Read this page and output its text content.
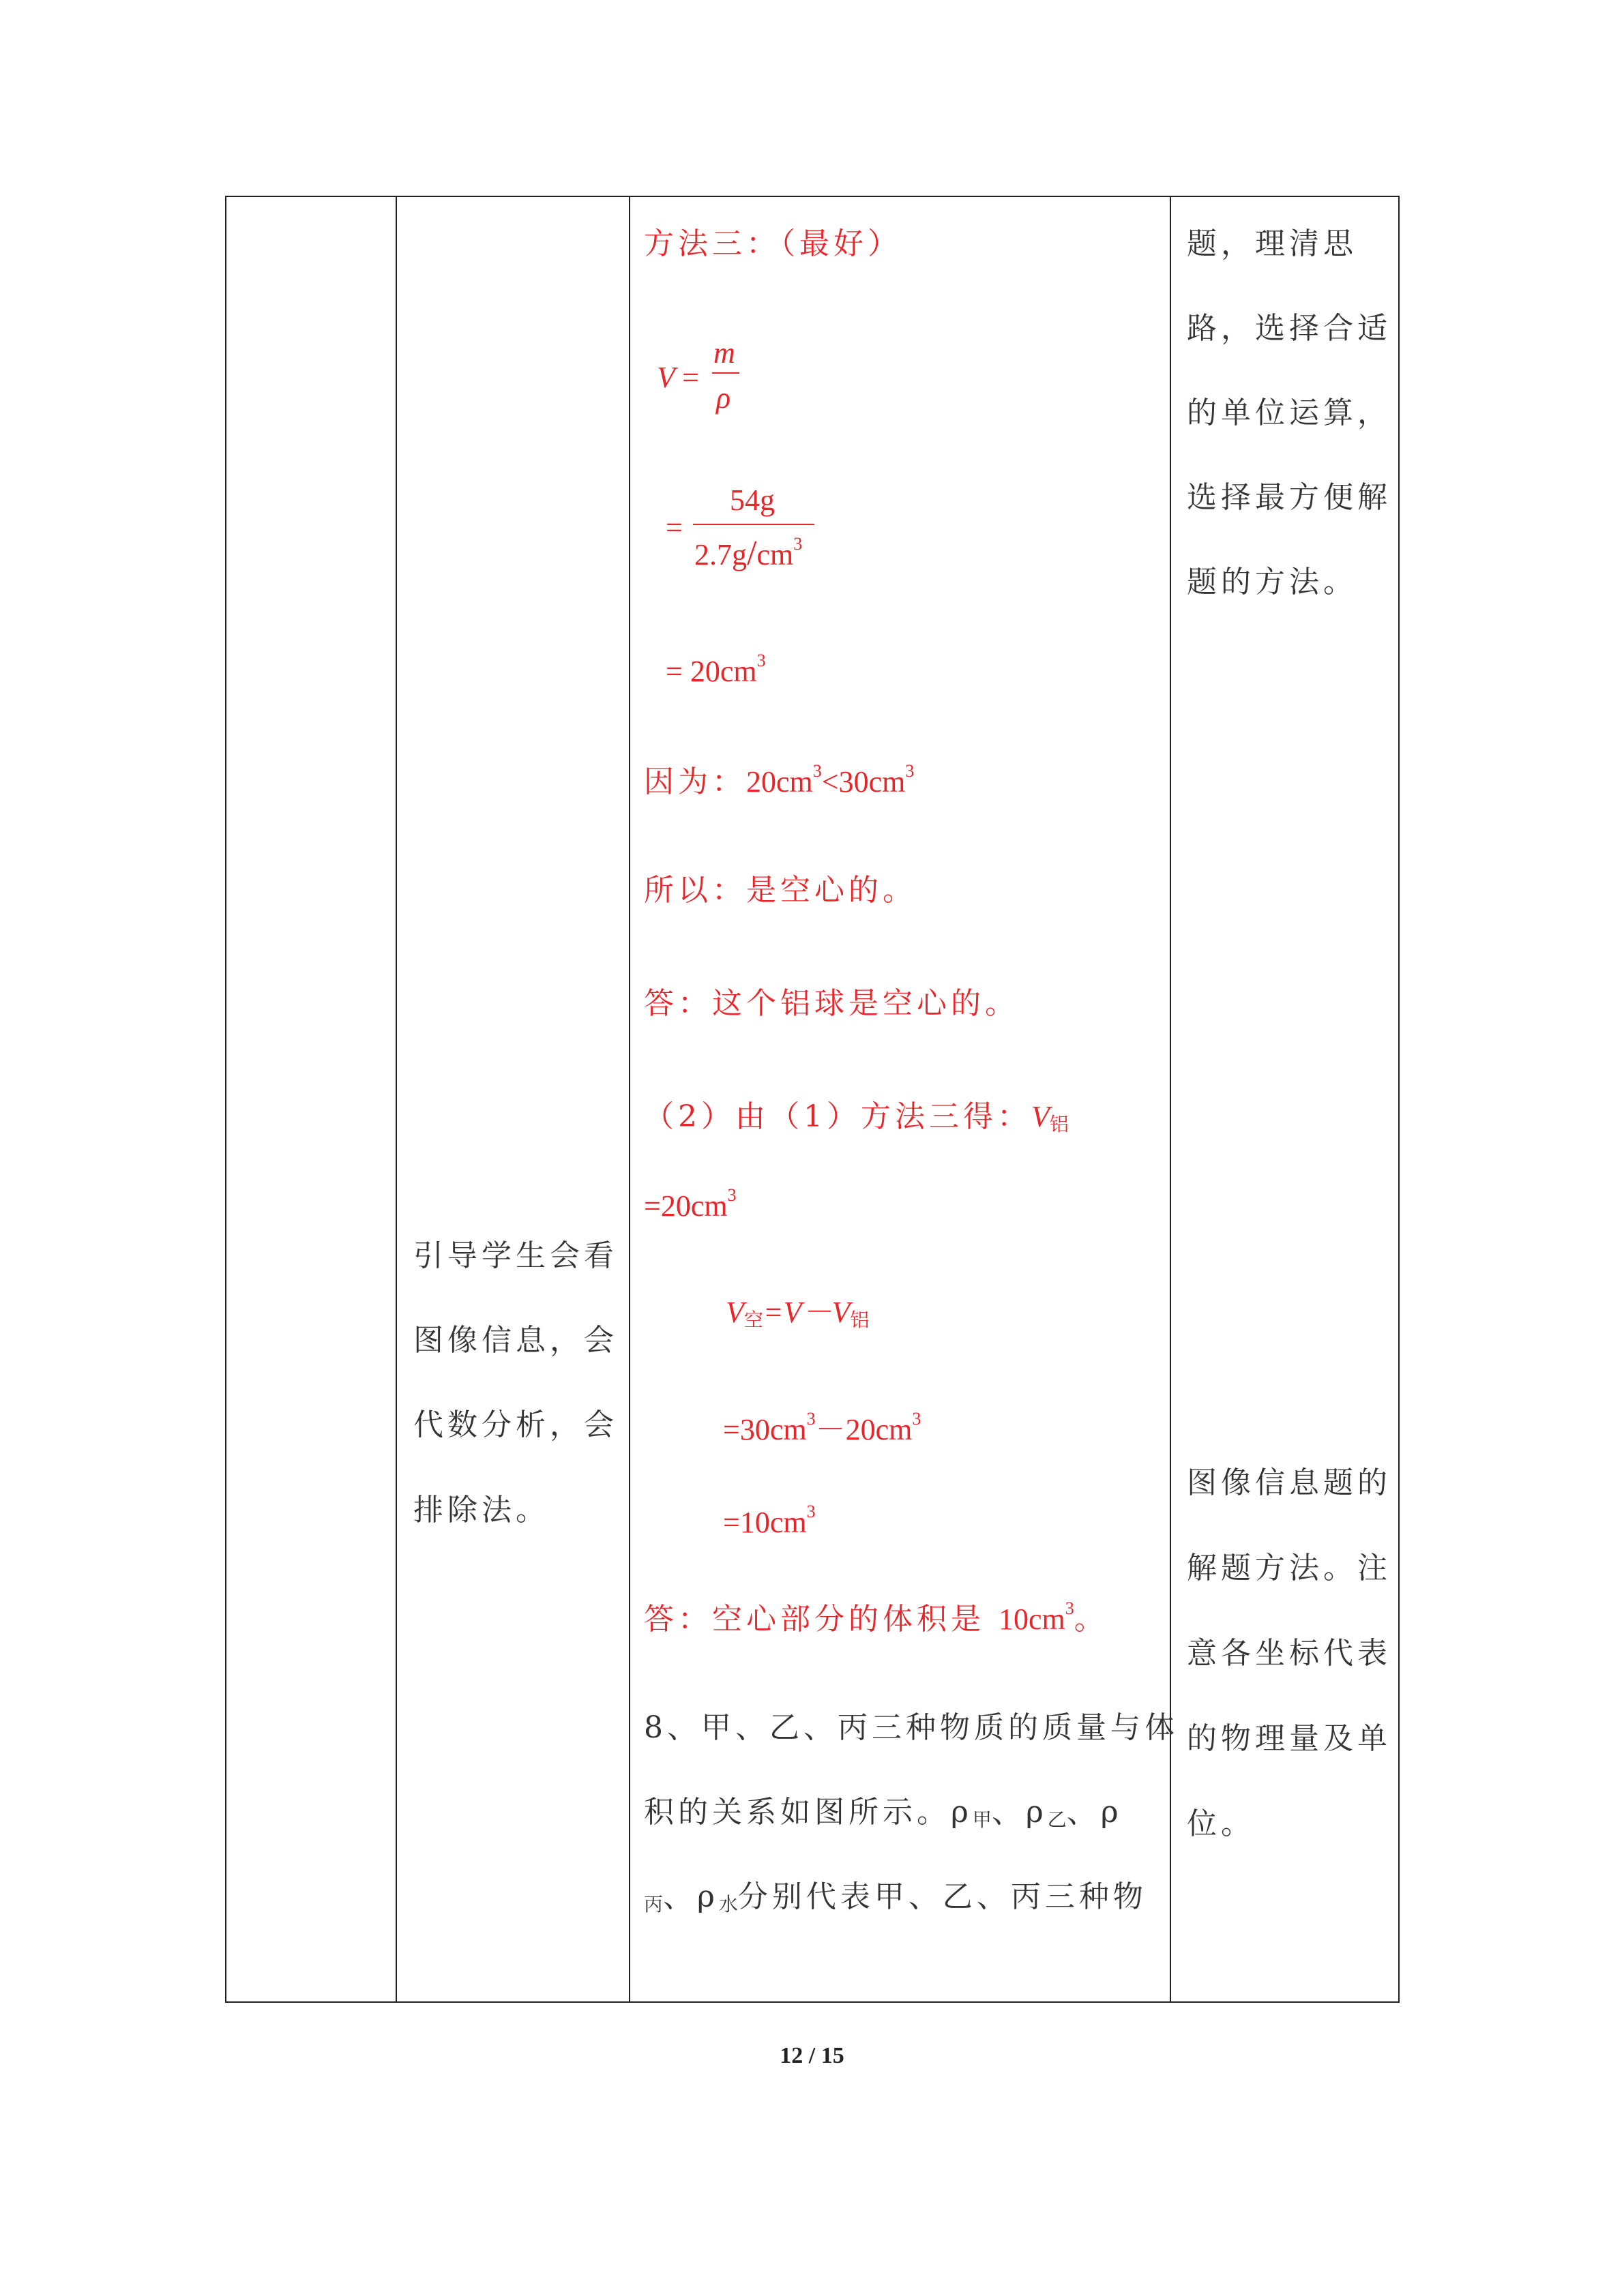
引导学生会看
图像信息，会
代数分析，会
排除法。
方法三：（最好）
V =
m
ρ
=
54g
$2.7g/cm^3$
= $20cm^3$
因为：$20cm^3<30cm^3$
所以：是空心的。
答：这个铝球是空心的。
（2）由（1）方法三得：$V_铝$
$=20cm^3$
$V_空=V-V_铝$
$=30cm^3-20cm^3$
$=10cm^3$
答：空心部分的体积是 $10cm^3$。
8、甲、乙、丙三种物质的质量与体
积的关系如图所示。$\rho_甲$、$\rho_乙$、ρ
$_丙$、$\rho_水$分别代表甲、乙、丙三种物
题，理清思
路，选择合适
的单位运算，
选择最方便解
题的方法。
图像信息题的
解题方法。注
意各坐标代表
的物理量及单
位。
12 / 15
